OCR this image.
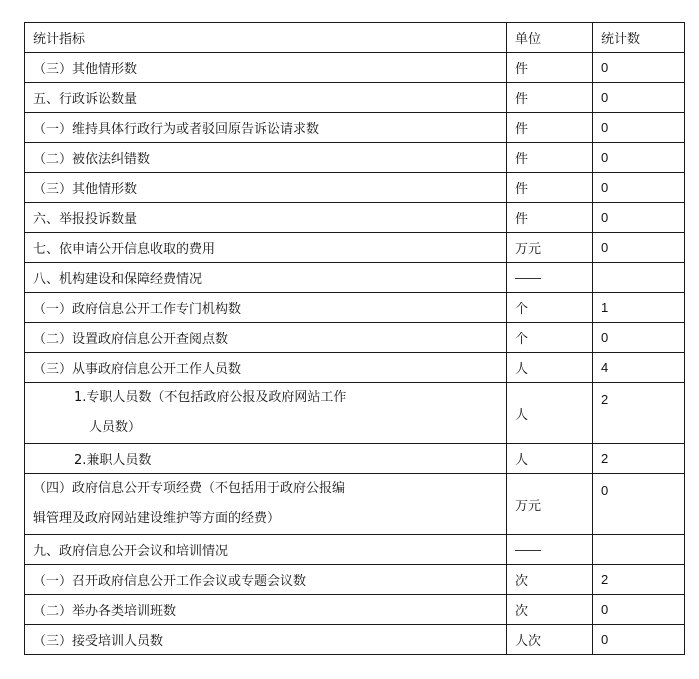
统计指标	单位	统计数
（三）其他情形数	件	0
五、行政诉讼数量	件	0
（一）维持具体行政行为或者驳回原告诉讼请求数	件	0
（二）被依法纠错数	件	0
（三）其他情形数	件	0
六、举报投诉数量	件	0
七、依申请公开信息收取的费用	万元	0
八、机构建设和保障经费情况	——	
（一）政府信息公开工作专门机构数	个	1
（二）设置政府信息公开查阅点数	个	0
（三）从事政府信息公开工作人员数	人	4

1.专职人员数（不包括政府公报及政府网站工作
人员数）	人	2
2.兼职人员数	人	2

（四）政府信息公开专项经费（不包括用于政府公报编
辑管理及政府网站建设维护等方面的经费）	万元	0
九、政府信息公开会议和培训情况	——	
（一）召开政府信息公开工作会议或专题会议数	次	2
（二）举办各类培训班数	次	0
（三）接受培训人员数	人次	0
